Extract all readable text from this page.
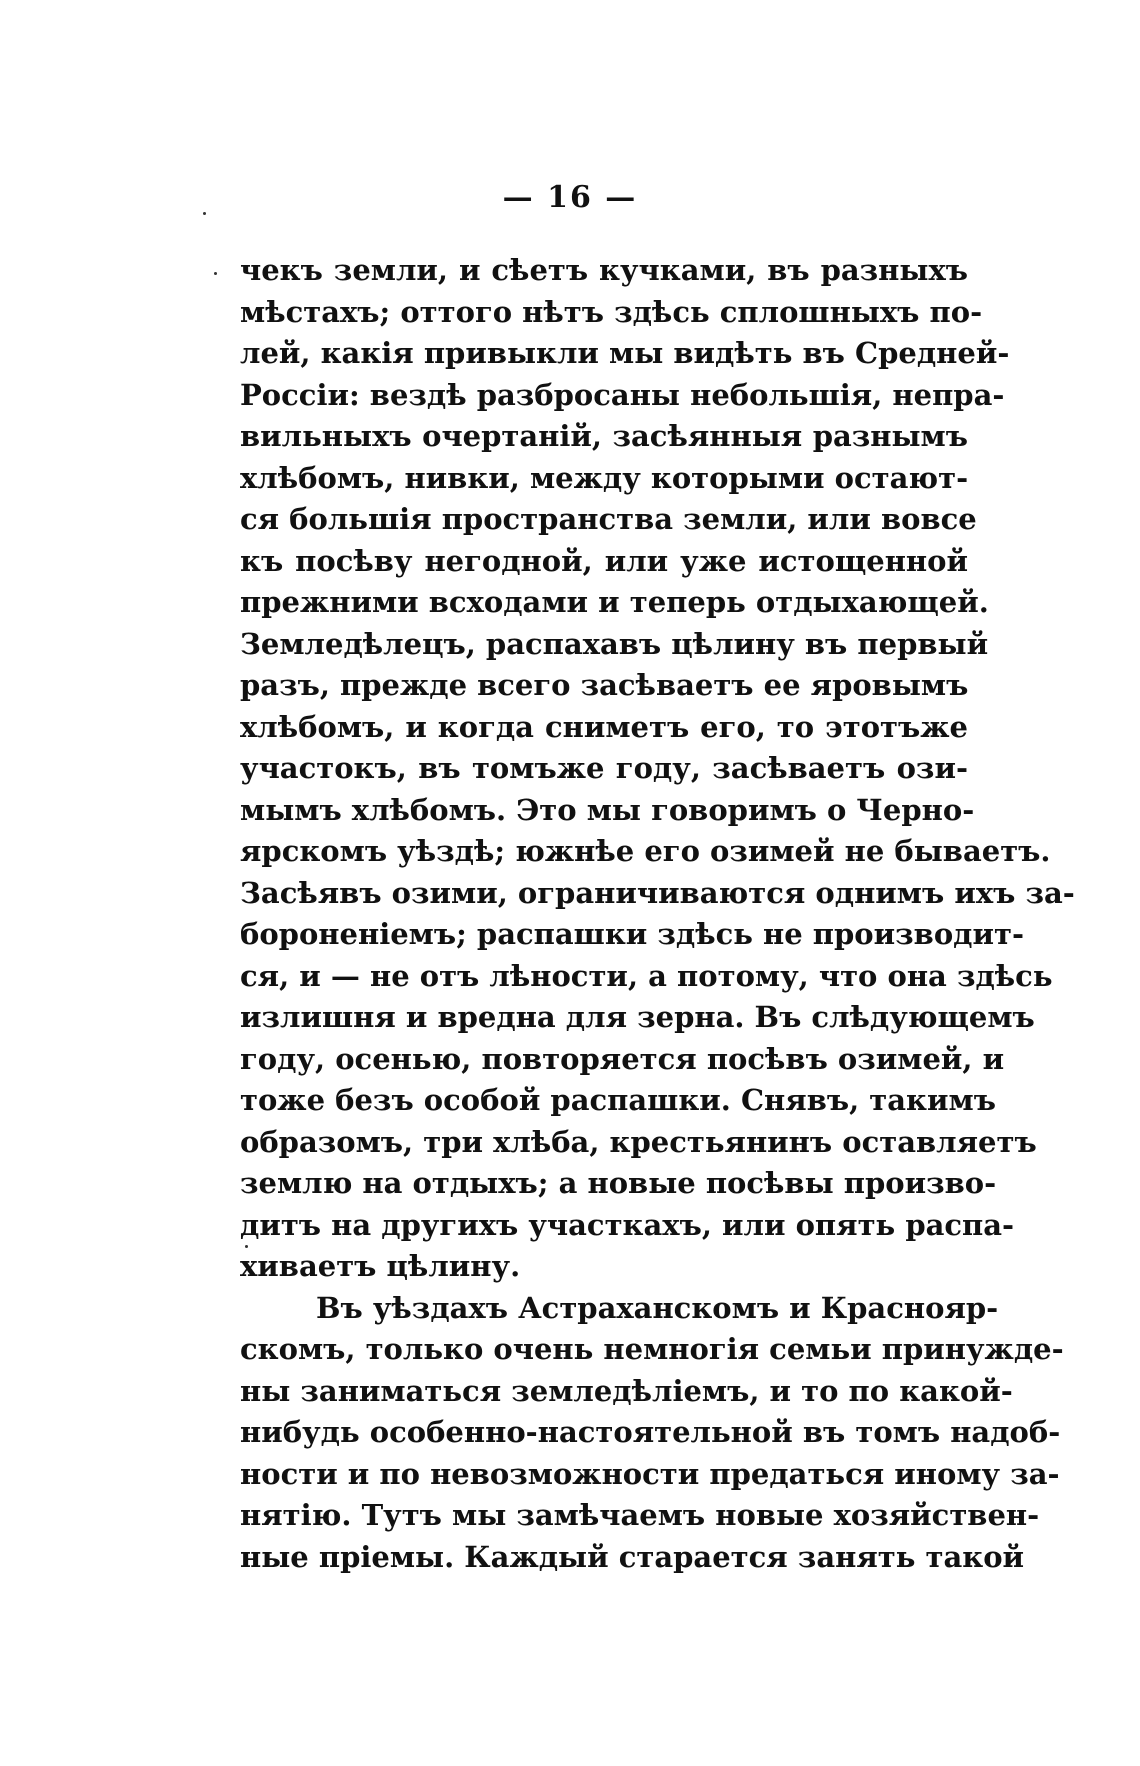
— 16 —
чекъ земли, и сѣетъ кучками, въ разныхъ
мѣстахъ; оттого нѣтъ здѣсь сплошныхъ по-
лей, какія привыкли мы видѣть въ Средней-
Россіи: вездѣ разбросаны небольшія, непра-
вильныхъ очертаній, засѣянныя разнымъ
хлѣбомъ, нивки, между которыми остают-
ся большія пространства земли, или вовсе
къ посѣву негодной, или уже истощенной
прежними всходами и теперь отдыхающей.
Земледѣлецъ, распахавъ цѣлину въ первый
разъ, прежде всего засѣваетъ ее яровымъ
хлѣбомъ, и когда сниметъ его, то этотъже
участокъ, въ томъже году, засѣваетъ ози-
мымъ хлѣбомъ. Это мы говоримъ о Черно-
ярскомъ уѣздѣ; южнѣе его озимей не бываетъ.
Засѣявъ озими, ограничиваются однимъ ихъ за-
бороненіемъ; распашки здѣсь не производит-
ся, и — не отъ лѣности, а потому, что она здѣсь
излишня и вредна для зерна. Въ слѣдующемъ
году, осенью, повторяется посѣвъ озимей, и
тоже безъ особой распашки. Снявъ, такимъ
образомъ, три хлѣба, крестьянинъ оставляетъ
землю на отдыхъ; а новые посѣвы произво-
дитъ на другихъ участкахъ, или опять распа-
хиваетъ цѣлину.
Въ уѣздахъ Астраханскомъ и Краснояр-
скомъ, только очень немногія семьи принужде-
ны заниматься земледѣліемъ, и то по какой-
нибудь особенно-настоятельной въ томъ надоб-
ности и по невозможности предаться иному за-
нятію. Тутъ мы замѣчаемъ новые хозяйствен-
ные пріемы. Каждый старается занять такой
